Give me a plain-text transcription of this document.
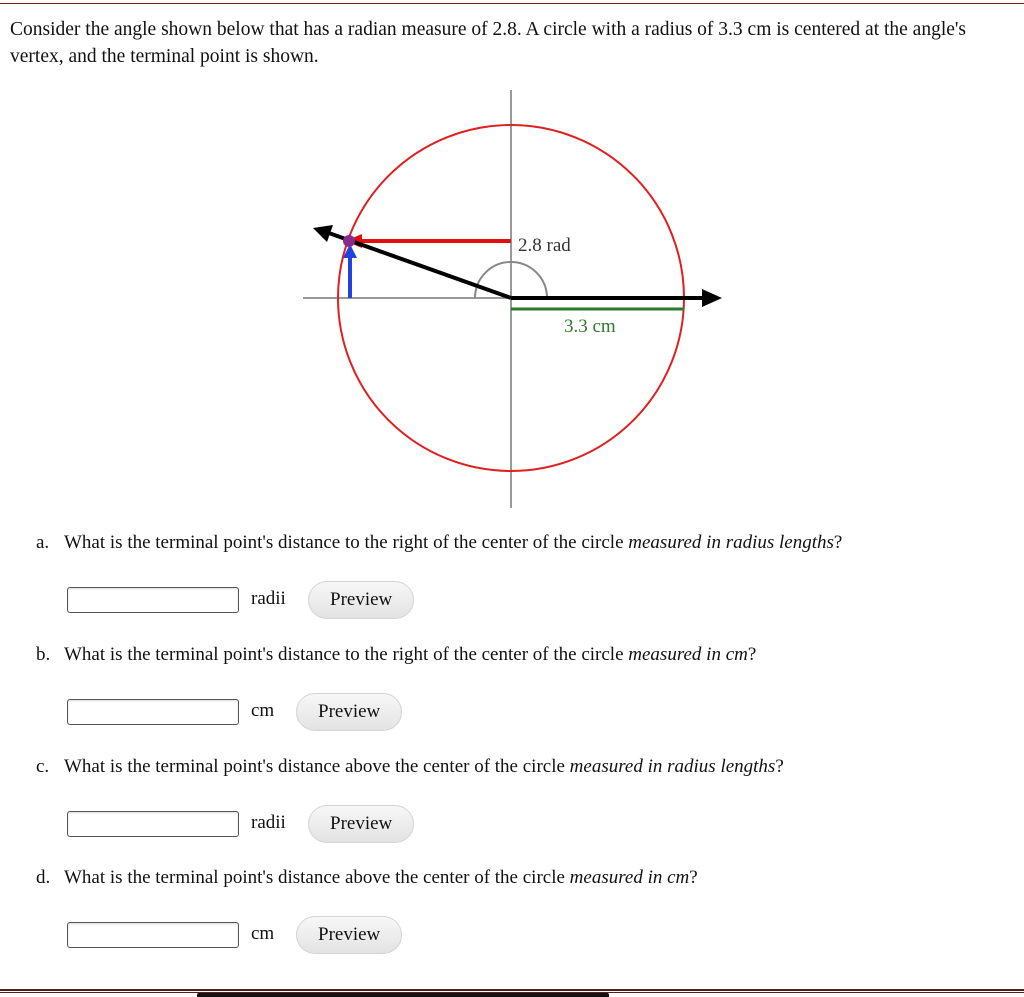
Consider the angle shown below that has a radian measure of 2.8. A circle with a radius of 3.3 cm is centered at the angle's vertex, and the terminal point is shown.
2.8 rad
3.3 cm
a. What is the terminal point's distance to the right of the center of the circle measured in radius lengths?
radii	Preview
b. What is the terminal point's distance to the right of the center of the circle measured in cm?
cm	Preview
c. What is the terminal point's distance above the center of the circle measured in radius lengths?
radii	Preview
d. What is the terminal point's distance above the center of the circle measured in cm?
cm	Preview
